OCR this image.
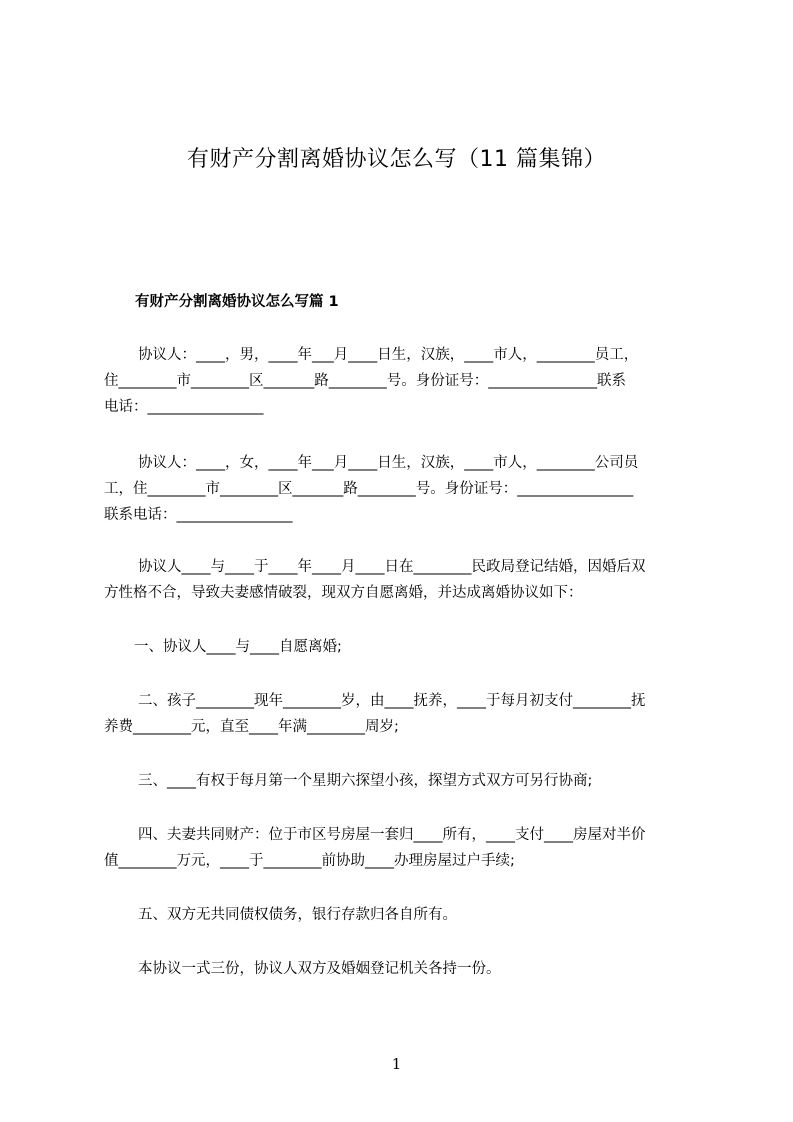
有财产分割离婚协议怎么写（11 篇集锦）
有财产分割离婚协议怎么写篇 1
协议人：____，男，____年___月____日生，汉族，____市人，________员工，
住________市________区_______路________号。身份证号：_______________联系
电话：________________
协议人：____，女，____年___月____日生，汉族，____市人，________公司员
工，住________市________区_______路________号。身份证号：________________
联系电话：________________
协议人____与____于____年____月____日在________民政局登记结婚，因婚后双
方性格不合，导致夫妻感情破裂，现双方自愿离婚，并达成离婚协议如下：
一、协议人____与____自愿离婚;
二、孩子________现年________岁，由____抚养，____于每月初支付________抚
养费________元，直至____年满________周岁;
三、____有权于每月第一个星期六探望小孩，探望方式双方可另行协商;
四、夫妻共同财产：位于市区号房屋一套归____所有，____支付____房屋对半价
值________万元，____于________前协助____办理房屋过户手续;
五、双方无共同债权债务，银行存款归各自所有。
本协议一式三份，协议人双方及婚姻登记机关各持一份。
1
